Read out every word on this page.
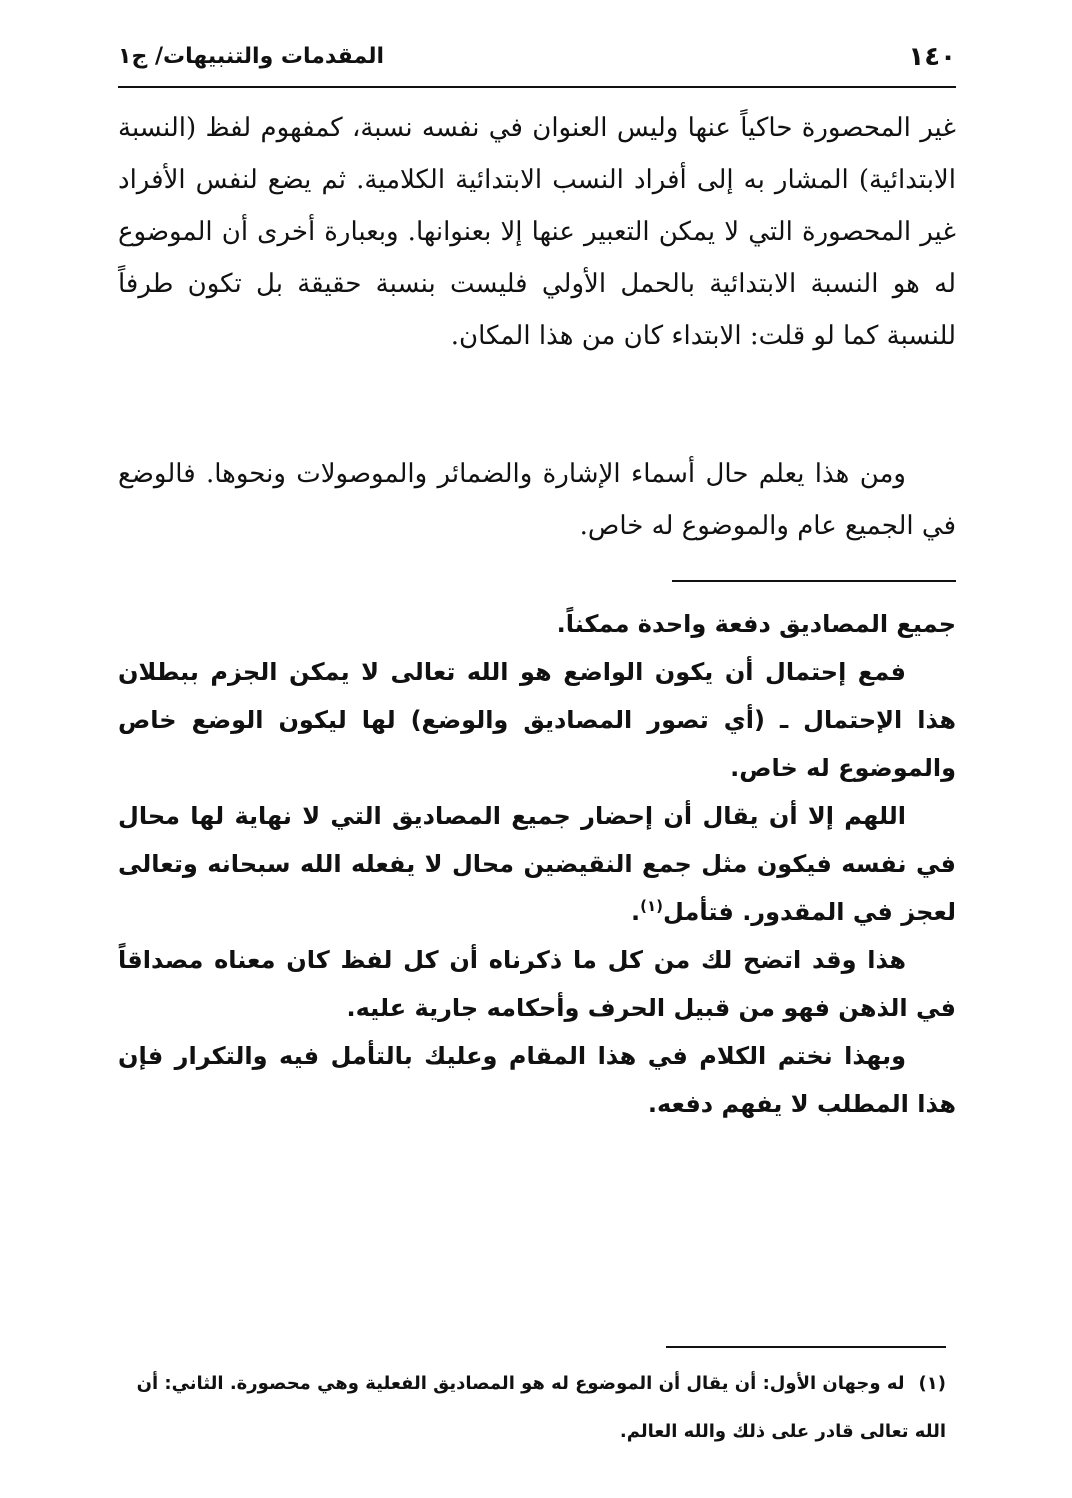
١٤٠
المقدمات والتنبيهات/ ج١

غير المحصورة حاكياً عنها وليس العنوان في نفسه نسبة، كمفهوم لفظ (النسبة الابتدائية) المشار به إلى أفراد النسب الابتدائية الكلامية. ثم يضع لنفس الأفراد غير المحصورة التي لا يمكن التعبير عنها إلا بعنوانها. وبعبارة أخرى أن الموضوع له هو النسبة الابتدائية بالحمل الأولي فليست بنسبة حقيقة بل تكون طرفاً للنسبة كما لو قلت: الابتداء كان من هذا المكان.

ومن هذا يعلم حال أسماء الإشارة والضمائر والموصولات ونحوها. فالوضع في الجميع عام والموضوع له خاص.

جميع المصاديق دفعة واحدة ممكناً.

فمع إحتمال أن يكون الواضع هو الله تعالى لا يمكن الجزم ببطلان هذا الإحتمال ـ (أي تصور المصاديق والوضع) لها ليكون الوضع خاص والموضوع له خاص.

اللهم إلا أن يقال أن إحضار جميع المصاديق التي لا نهاية لها محال في نفسه فيكون مثل جمع النقيضين محال لا يفعله الله سبحانه وتعالى لعجز في المقدور. فتأمل$^{(١)}$.

هذا وقد اتضح لك من كل ما ذكرناه أن كل لفظ كان معناه مصداقاً في الذهن فهو من قبيل الحرف وأحكامه جارية عليه.

وبهذا نختم الكلام في هذا المقام وعليك بالتأمل فيه والتكرار فإن هذا المطلب لا يفهم دفعه.

(١)له وجهان الأول: أن يقال أن الموضوع له هو المصاديق الفعلية وهي محصورة. الثاني: أن الله تعالى قادر على ذلك والله العالم.
